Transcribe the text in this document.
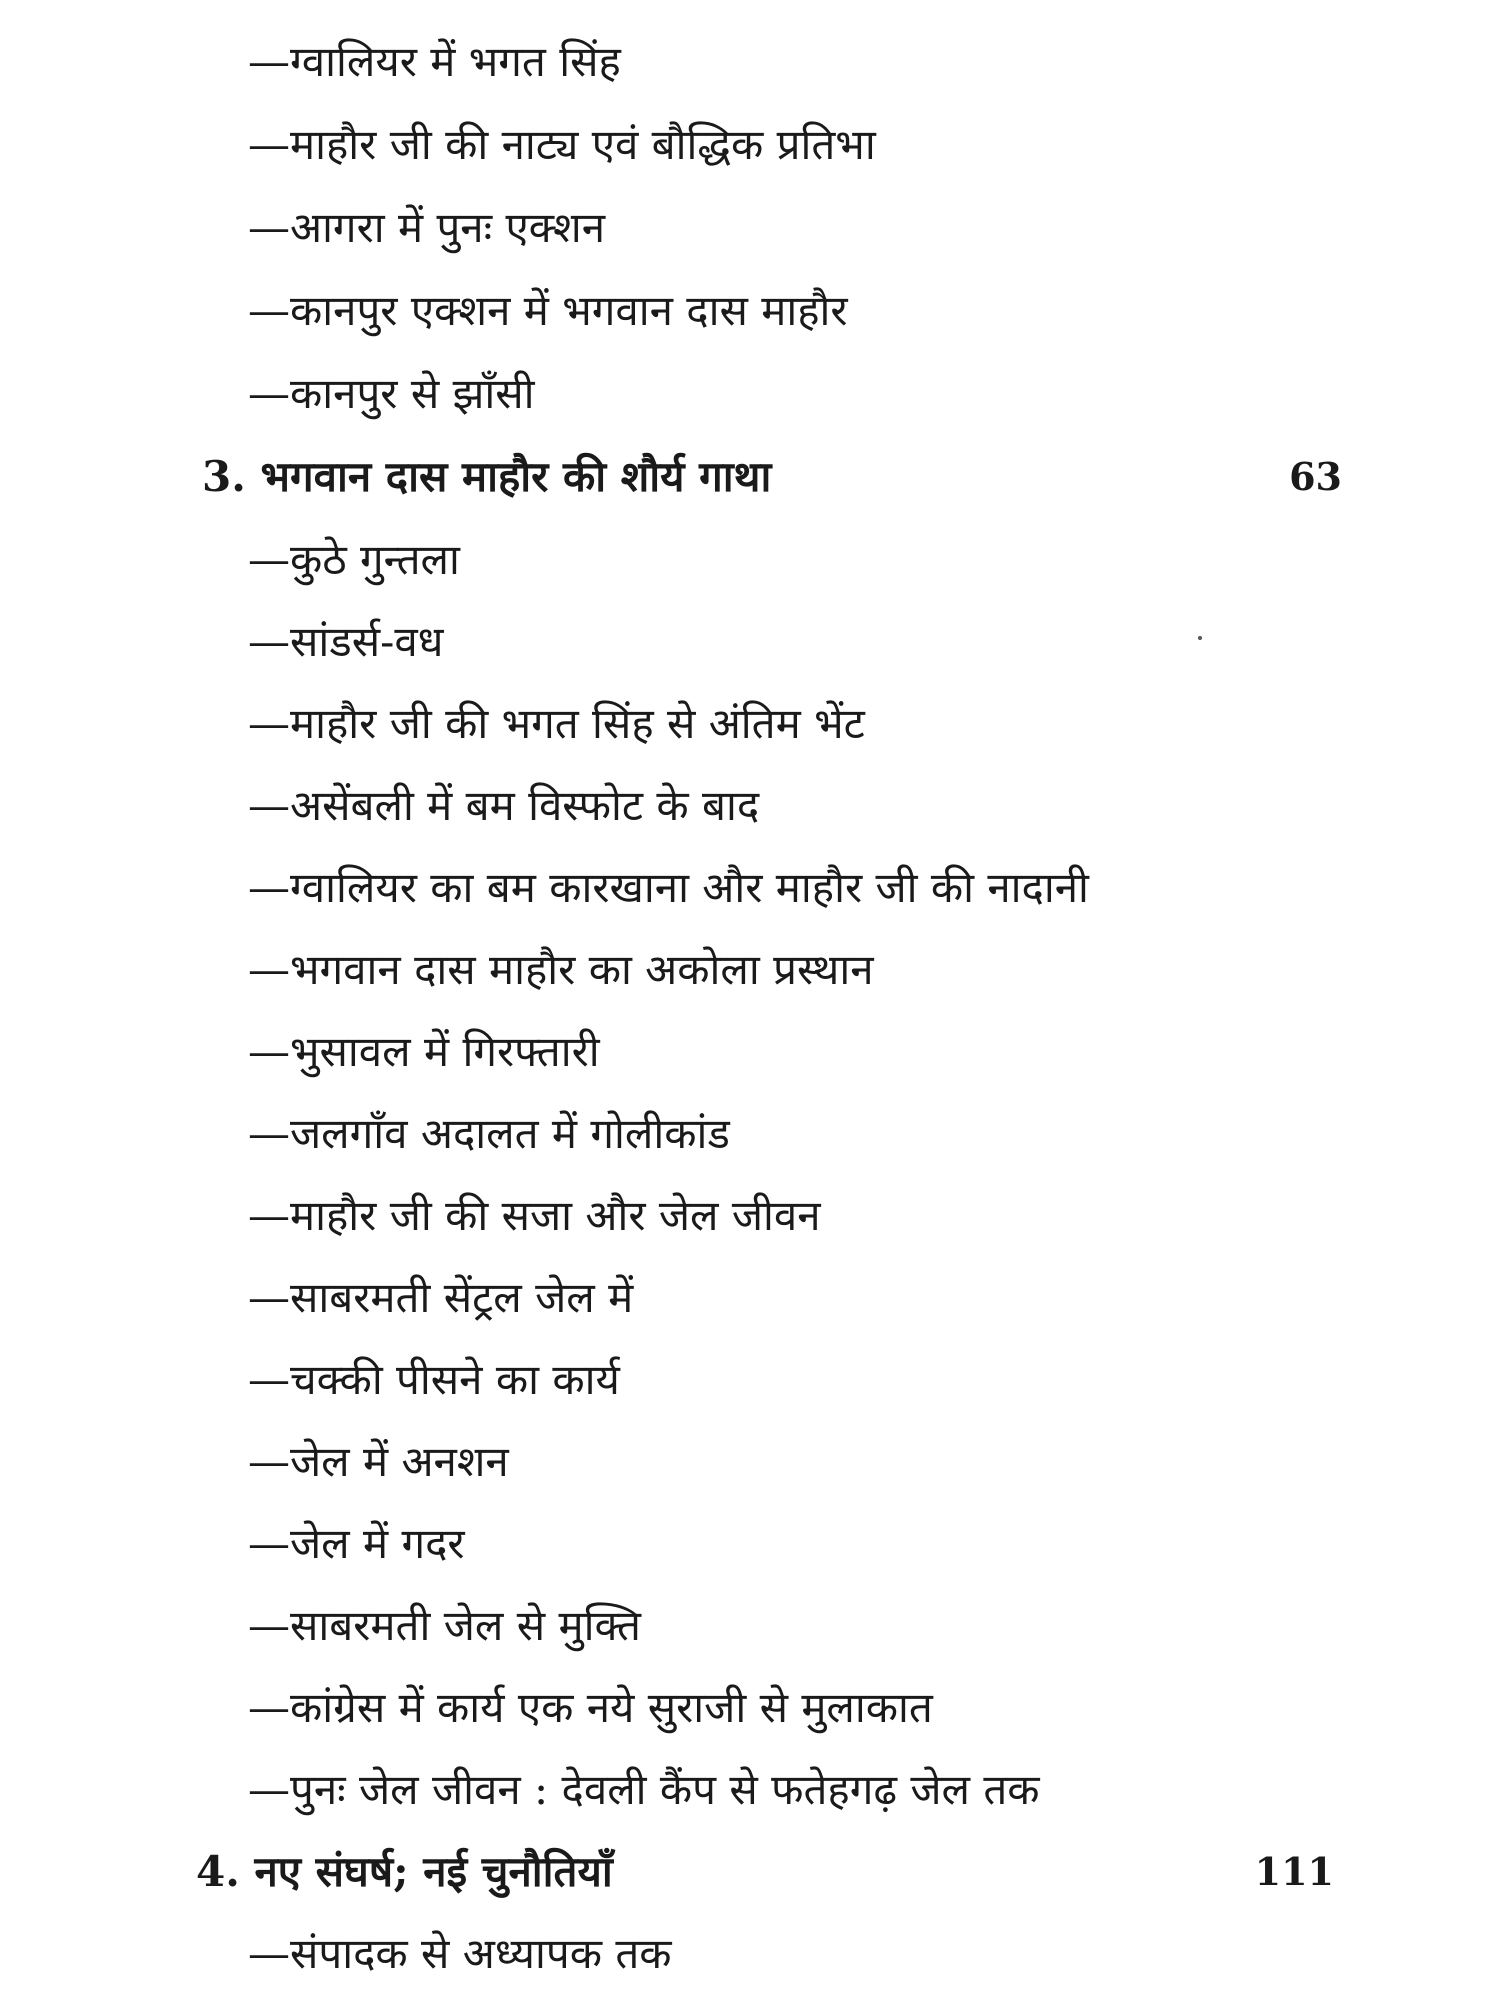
—ग्वालियर में भगत सिंह
—माहौर जी की नाट्य एवं बौद्धिक प्रतिभा
—आगरा में पुनः एक्शन
—कानपुर एक्शन में भगवान दास माहौर
—कानपुर से झाँसी
3. भगवान दास माहौर की शौर्य गाथा	63
—कुठे गुन्तला
—सांडर्स-वध
—माहौर जी की भगत सिंह से अंतिम भेंट
—असेंबली में बम विस्फोट के बाद
—ग्वालियर का बम कारखाना और माहौर जी की नादानी
—भगवान दास माहौर का अकोला प्रस्थान
—भुसावल में गिरफ्तारी
—जलगाँव अदालत में गोलीकांड
—माहौर जी की सजा और जेल जीवन
—साबरमती सेंट्रल जेल में
—चक्की पीसने का कार्य
—जेल में अनशन
—जेल में गदर
—साबरमती जेल से मुक्ति
—कांग्रेस में कार्य एक नये सुराजी से मुलाकात
—पुनः जेल जीवन : देवली कैंप से फतेहगढ़ जेल तक
4. नए संघर्ष; नई चुनौतियाँ	111
—संपादक से अध्यापक तक
